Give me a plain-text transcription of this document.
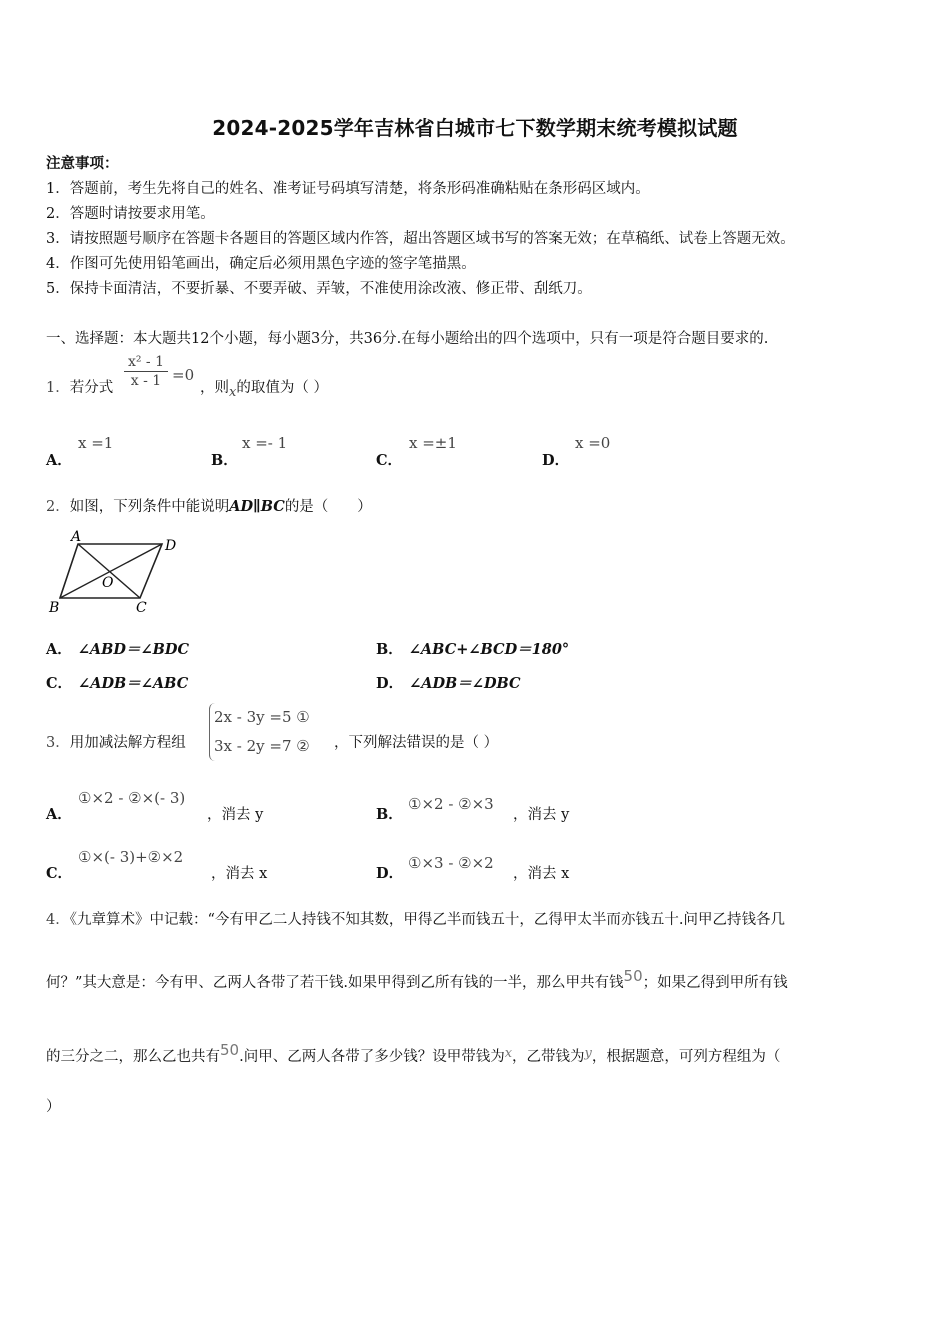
2024-2025学年吉林省白城市七下数学期末统考模拟试题
注意事项：
1．答题前，考生先将自己的姓名、准考证号码填写清楚，将条形码准确粘贴在条形码区域内。
2．答题时请按要求用笔。
3．请按照题号顺序在答题卡各题目的答题区域内作答，超出答题区域书写的答案无效；在草稿纸、试卷上答题无效。
4．作图可先使用铅笔画出，确定后必须用黑色字迹的签字笔描黑。
5．保持卡面清洁，不要折暴、不要弄破、弄皱，不准使用涂改液、修正带、刮纸刀。
一、选择题：本大题共12个小题，每小题3分，共36分.在每小题给出的四个选项中，只有一项是符合题目要求的.
1．若分式
x² - 1
x - 1 =0
，则x的取值为（ ）
A．
x =1
B．
x =- 1
C．
x =±1
D．
x =0
2．如图，下列条件中能说明AD∥BC的是（　　）
A
D
B	C
O
A． ∠ABD＝∠BDC	B． ∠ABC+∠BCD＝180°
C． ∠ADB＝∠ABC	D． ∠ADB＝∠DBC
3．用加减法解方程组
2x - 3y =5 ①
3x - 2y =7 ② ，下列解法错误的是（ ）
A．
①×2 - ②×(- 3)
，消去 y	B．
①×2 - ②×3
，消去 y
C．
①×(- 3)+②×2
，消去 x	D．
①×3 - ②×2
，消去 x
4．《九章算术》中记载：“今有甲乙二人持钱不知其数，甲得乙半而钱五十，乙得甲太半而亦钱五十.问甲乙持钱各几
何？”其大意是：今有甲、乙两人各带了若干钱.如果甲得到乙所有钱的一半，那么甲共有钱50；如果乙得到甲所有钱
的三分之二，那么乙也共有50.问甲、乙两人各带了多少钱？设甲带钱为x，乙带钱为y，根据题意，可列方程组为（
）
